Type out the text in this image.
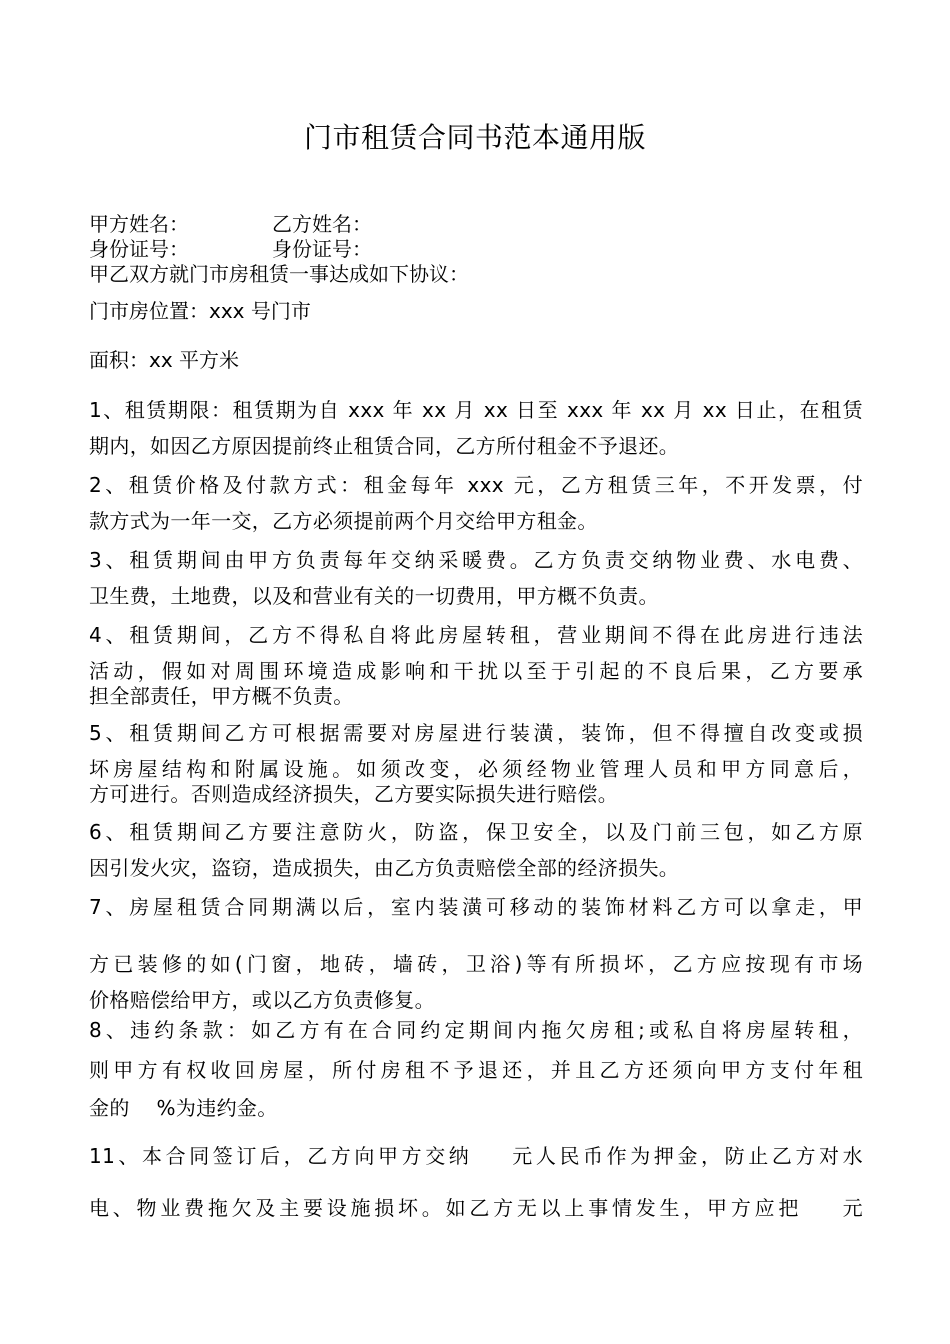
门市租赁合同书范本通用版
甲方姓名：	乙方姓名：
身份证号：	身份证号：
甲乙双方就门市房租赁一事达成如下协议：
门市房位置：xxx 号门市
面积：xx 平方米
1、租赁期限：租赁期为自 xxx 年 xx 月 xx 日至 xxx 年 xx 月 xx 日止，在租赁
期内，如因乙方原因提前终止租赁合同，乙方所付租金不予退还。
2、租赁价格及付款方式：租金每年 xxx 元，乙方租赁三年，不开发票，付
款方式为一年一交，乙方必须提前两个月交给甲方租金。
3、租赁期间由甲方负责每年交纳采暖费。乙方负责交纳物业费、水电费、
卫生费，土地费，以及和营业有关的一切费用，甲方概不负责。
4、租赁期间，乙方不得私自将此房屋转租，营业期间不得在此房进行违法
活动，假如对周围环境造成影响和干扰以至于引起的不良后果，乙方要承
担全部责任，甲方概不负责。
5、租赁期间乙方可根据需要对房屋进行装潢，装饰，但不得擅自改变或损
坏房屋结构和附属设施。如须改变，必须经物业管理人员和甲方同意后，
方可进行。否则造成经济损失，乙方要实际损失进行赔偿。
6、租赁期间乙方要注意防火，防盗，保卫安全，以及门前三包，如乙方原
因引发火灾，盗窃，造成损失，由乙方负责赔偿全部的经济损失。
7、房屋租赁合同期满以后，室内装潢可移动的装饰材料乙方可以拿走，甲
方已装修的如(门窗，地砖，墙砖，卫浴)等有所损坏，乙方应按现有市场
价格赔偿给甲方，或以乙方负责修复。
8、违约条款：如乙方有在合同约定期间内拖欠房租;或私自将房屋转租，
则甲方有权收回房屋，所付房租不予退还，并且乙方还须向甲方支付年租
金的    %为违约金。
11、本合同签订后，乙方向甲方交纳    元人民币作为押金，防止乙方对水
电、物业费拖欠及主要设施损坏。如乙方无以上事情发生，甲方应把    元
